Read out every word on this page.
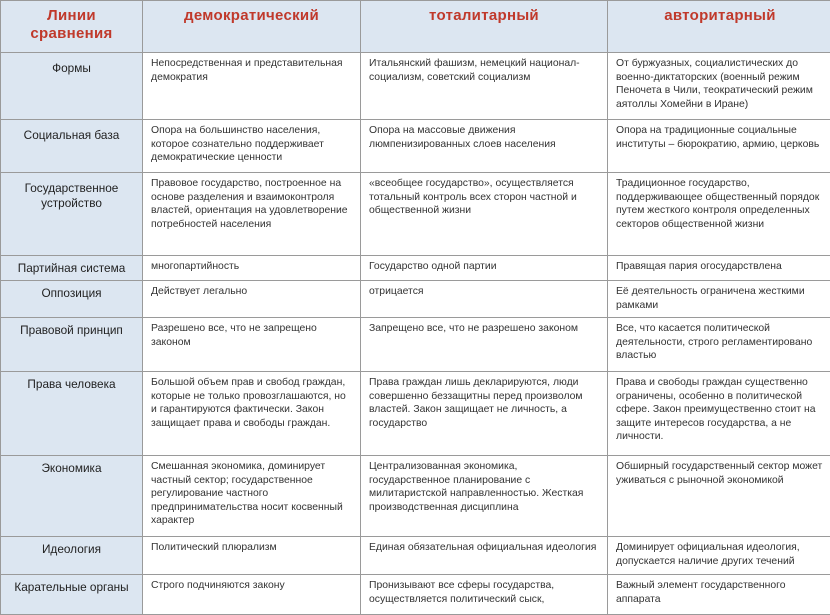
Линии сравнения	демократический	тоталитарный	авторитарный
Формы	Непосредственная и представительная демократия	Итальянский фашизм, немецкий национал-социализм, советский социализм	От буржуазных, социалистических до военно-диктаторских (военный режим Пеночета в Чили, теократический режим аятоллы Хомейни в Иране)
Социальная база	Опора на большинство населения, которое сознательно поддерживает демократические ценности	Опора на массовые движения люмпенизированных слоев населения	Опора на традиционные социальные институты – бюрократию, армию, церковь
Государственное устройство	Правовое государство, построенное на основе разделения и взаимоконтроля властей, ориентация на удовлетворение потребностей населения	«всеобщее государство», осуществляется тотальный контроль всех сторон частной и общественной жизни	Традиционное государство, поддерживающее общественный порядок путем жесткого контроля определенных секторов общественной жизни
Партийная система	многопартийность	Государство одной партии	Правящая пария огосударствлена
Оппозиция	Действует легально	отрицается	Её деятельность ограничена жесткими рамками
Правовой принцип	Разрешено все, что не запрещено законом	Запрещено все, что не разрешено законом	Все, что касается политической деятельности, строго регламентировано властью
Права человека	Большой объем прав и свобод граждан, которые не только провозглашаются, но и гарантируются фактически. Закон защищает права и свободы граждан.	Права граждан лишь декларируются, люди совершенно беззащитны перед произволом властей. Закон защищает не личность, а государство	Права и свободы граждан существенно ограничены, особенно в политической сфере. Закон преимущественно стоит на защите интересов государства, а не личности.
Экономика	Смешанная экономика, доминирует частный сектор; государственное регулирование частного предпринимательства носит косвенный характер	Централизованная экономика, государственное планирование с милитаристской направленностью. Жесткая производственная дисциплина	Обширный государственный сектор может уживаться с рыночной экономикой
Идеология	Политический плюрализм	Единая обязательная официальная идеология	Доминирует официальная идеология, допускается наличие других течений
Карательные органы	Строго подчиняются закону	Пронизывают все сферы государства, осуществляется политический сыск,	Важный элемент государственного аппарата
